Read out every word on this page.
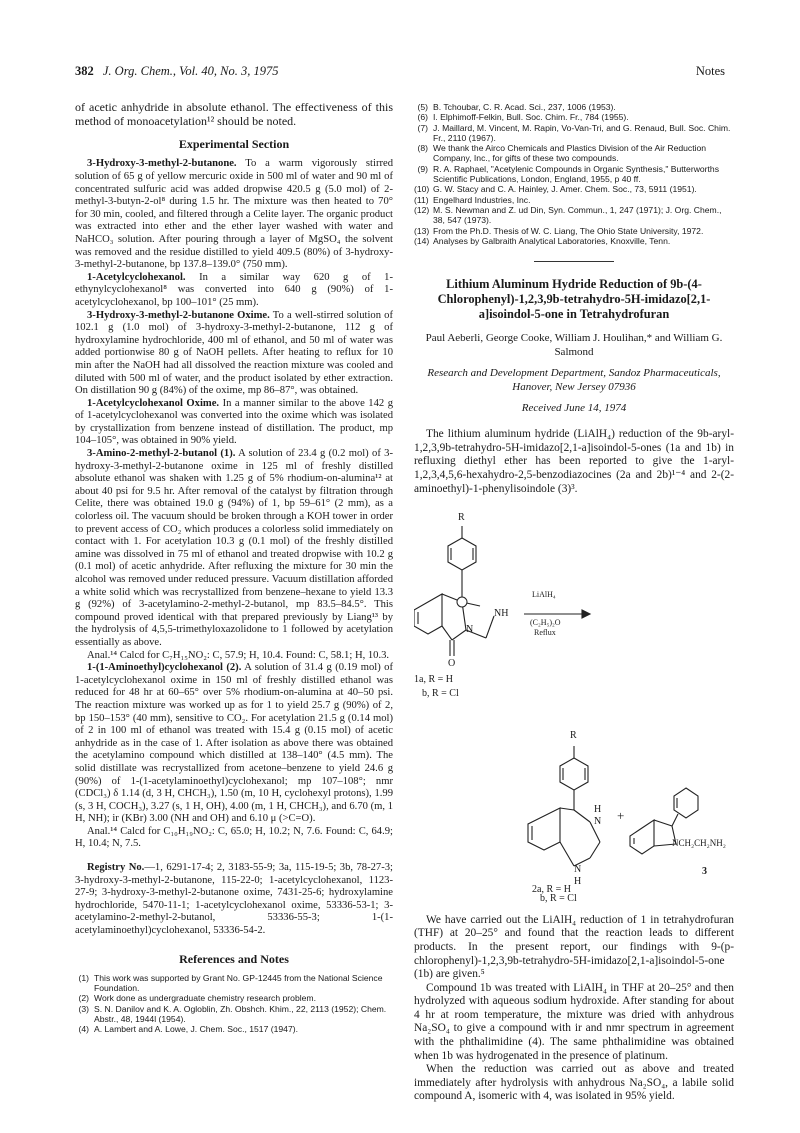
382 J. Org. Chem., Vol. 40, No. 3, 1975	Notes

of acetic anhydride in absolute ethanol. The effectiveness of this method of monoacetylation¹² should be noted.

Experimental Section

3-Hydroxy-3-methyl-2-butanone. To a warm vigorously stirred solution of 65 g of yellow mercuric oxide in 500 ml of water and 90 ml of concentrated sulfuric acid was added dropwise 420.5 g (5.0 mol) of 2-methyl-3-butyn-2-ol⁸ during 1.5 hr. The mixture was then heated to 70° for 30 min, cooled, and filtered through a Celite layer. The organic product was extracted into ether and the ether layer washed with water and NaHCO₃ solution. After pouring through a layer of MgSO₄ the solvent was removed and the residue distilled to yield 409.5 (80%) of 3-hydroxy-3-methyl-2-butanone, bp 137.8–139.0° (750 mm).

1-Acetylcyclohexanol. In a similar way 620 g of 1-ethynylcyclohexanol⁸ was converted into 640 g (90%) of 1-acetylcyclohexanol, bp 100–101° (25 mm).

3-Hydroxy-3-methyl-2-butanone Oxime. To a well-stirred solution of 102.1 g (1.0 mol) of 3-hydroxy-3-methyl-2-butanone, 112 g of hydroxylamine hydrochloride, 400 ml of ethanol, and 50 ml of water was added portionwise 80 g of NaOH pellets. After heating to reflux for 10 min after the NaOH had all dissolved the reaction mixture was cooled and diluted with 500 ml of water, and the product isolated by ether extraction. On distillation 90 g (84%) of the oxime, mp 86–87°, was obtained.

1-Acetylcyclohexanol Oxime. In a manner similar to the above 142 g of 1-acetylcyclohexanol was converted into the oxime which was isolated by crystallization from benzene instead of distillation. The product, mp 104–105°, was obtained in 90% yield.

3-Amino-2-methyl-2-butanol (1). A solution of 23.4 g (0.2 mol) of 3-hydroxy-3-methyl-2-butanone oxime in 125 ml of freshly distilled absolute ethanol was shaken with 1.25 g of 5% rhodium-on-alumina¹² at about 40 psi for 9.5 hr. After removal of the catalyst by filtration through Celite, there was obtained 19.0 g (94%) of 1, bp 59–61° (2 mm), as a colorless oil. The vacuum should be broken through a KOH tower in order to prevent access of CO₂ which produces a colorless solid immediately on contact with 1. For acetylation 10.3 g (0.1 mol) of the freshly distilled amine was dissolved in 75 ml of ethanol and treated dropwise with 10.2 g (0.1 mol) of acetic anhydride. After refluxing the mixture for 30 min the alcohol was removed under reduced pressure. Vacuum distillation afforded a white solid which was recrystallized from benzene–hexane to yield 13.3 g (92%) of 3-acetylamino-2-methyl-2-butanol, mp 83.5–84.5°. This compound proved identical with that prepared previously by Liang¹³ by the hydrolysis of 4,5,5-trimethyloxazolidone to 1 followed by acetylation essentially as above.

Anal.¹⁴ Calcd for C₇H₁₅NO₂: C, 57.9; H, 10.4. Found: C, 58.1; H, 10.3.

1-(1-Aminoethyl)cyclohexanol (2). A solution of 31.4 g (0.19 mol) of 1-acetylcyclohexanol oxime in 150 ml of freshly distilled ethanol was reduced for 48 hr at 60–65° over 5% rhodium-on-alumina at 40–50 psi. The reaction mixture was worked up as for 1 to yield 25.7 g (90%) of 2, bp 150–153° (40 mm), sensitive to CO₂. For acetylation 21.5 g (0.14 mol) of 2 in 100 ml of ethanol was treated with 15.4 g (0.15 mol) of acetic anhydride as in the case of 1. After isolation as above there was obtained the acetylamino compound which distilled at 138–140° (4.5 mm). The solid distillate was recrystallized from acetone–benzene to yield 24.6 g (90%) of 1-(1-acetylaminoethyl)cyclohexanol; mp 107–108°; nmr (CDCl₃) δ 1.14 (d, 3 H, CHCH₃), 1.50 (m, 10 H, cyclohexyl protons), 1.99 (s, 3 H, COCH₃), 3.27 (s, 1 H, OH), 4.00 (m, 1 H, CHCH₃), and 6.70 (m, 1 H, NH); ir (KBr) 3.00 (NH and OH) and 6.10 μ (>C=O).

Anal.¹⁴ Calcd for C₁₀H₁₉NO₂: C, 65.0; H, 10.2; N, 7.6. Found: C, 64.9; H, 10.4; N, 7.5.

Registry No.—1, 6291-17-4; 2, 3183-55-9; 3a, 115-19-5; 3b, 78-27-3; 3-hydroxy-3-methyl-2-butanone, 115-22-0; 1-acetylcyclohexanol, 1123-27-9; 3-hydroxy-3-methyl-2-butanone oxime, 7431-25-6; hydroxylamine hydrochloride, 5470-11-1; 1-acetylcyclohexanol oxime, 53336-53-1; 3-acetylamino-2-methyl-2-butanol, 53336-55-3; 1-(1-acetylaminoethyl)cyclohexanol, 53336-54-2.

References and Notes
(1) This work was supported by Grant No. GP-12445 from the National Science Foundation.
(2) Work done as undergraduate chemistry research problem.
(3) S. N. Danilov and K. A. Ogloblin, Zh. Obshch. Khim., 22, 2113 (1952); Chem. Abstr., 48, 1944l (1954).
(4) A. Lambert and A. Lowe, J. Chem. Soc., 1517 (1947).
(5) B. Tchoubar, C. R. Acad. Sci., 237, 1006 (1953).
(6) I. Elphimoff-Felkin, Bull. Soc. Chim. Fr., 784 (1955).
(7) J. Maillard, M. Vincent, M. Rapin, Vo-Van-Tri, and G. Renaud, Bull. Soc. Chim. Fr., 2110 (1967).
(8) We thank the Airco Chemicals and Plastics Division of the Air Reduction Company, Inc., for gifts of these two compounds.
(9) R. A. Raphael, "Acetylenic Compounds in Organic Synthesis," Butterworths Scientific Publications, London, England, 1955, p 40 ff.
(10) G. W. Stacy and C. A. Hainley, J. Amer. Chem. Soc., 73, 5911 (1951).
(11) Engelhard Industries, Inc.
(12) M. S. Newman and Z. ud Din, Syn. Commun., 1, 247 (1971); J. Org. Chem., 38, 547 (1973).
(13) From the Ph.D. Thesis of W. C. Liang, The Ohio State University, 1972.
(14) Analyses by Galbraith Analytical Laboratories, Knoxville, Tenn.

Lithium Aluminum Hydride Reduction of 9b-(4-Chlorophenyl)-1,2,3,9b-tetrahydro-5H-imidazo[2,1-a]isoindol-5-one in Tetrahydrofuran

Paul Aeberli, George Cooke, William J. Houlihan,* and William G. Salmond
Research and Development Department, Sandoz Pharmaceuticals, Hanover, New Jersey 07936
Received June 14, 1974

The lithium aluminum hydride (LiAlH₄) reduction of the 9b-aryl-1,2,3,9b-tetrahydro-5H-imidazo[2,1-a]isoindol-5-ones (1a and 1b) in refluxing diethyl ether has been reported to give the 1-aryl-1,2,3,4,5,6-hexahydro-2,5-benzodiazocines (2a and 2b)¹⁻⁴ and 2-(2-aminoethyl)-1-phenylisoindole (3)³.

R
NH
N
O
LiAlH₄
(C₂H₅)₂O
Reflux
1a, R = H
b, R = Cl
R
H
N
N
H
+
NCH₂CH₂NH₂
3
2a, R = H

b, R = Cl

We have carried out the LiAlH₄ reduction of 1 in tetrahydrofuran (THF) at 20–25° and found that the reaction leads to different products. In the present report, our findings with 9-(p-chlorophenyl)-1,2,3,9b-tetrahydro-5H-imidazo[2,1-a]isoindol-5-one (1b) are given.⁵

Compound 1b was treated with LiAlH₄ in THF at 20–25° and then hydrolyzed with aqueous sodium hydroxide. After standing for about 4 hr at room temperature, the mixture was dried with anhydrous Na₂SO₄ to give a compound with ir and nmr spectrum in agreement with the phthalimidine (4). The same phthalimidine was obtained when 1b was hydrogenated in the presence of platinum.

When the reduction was carried out as above and treated immediately after hydrolysis with anhydrous Na₂SO₄, a labile solid compound A, isomeric with 4, was isolated in 95% yield.
